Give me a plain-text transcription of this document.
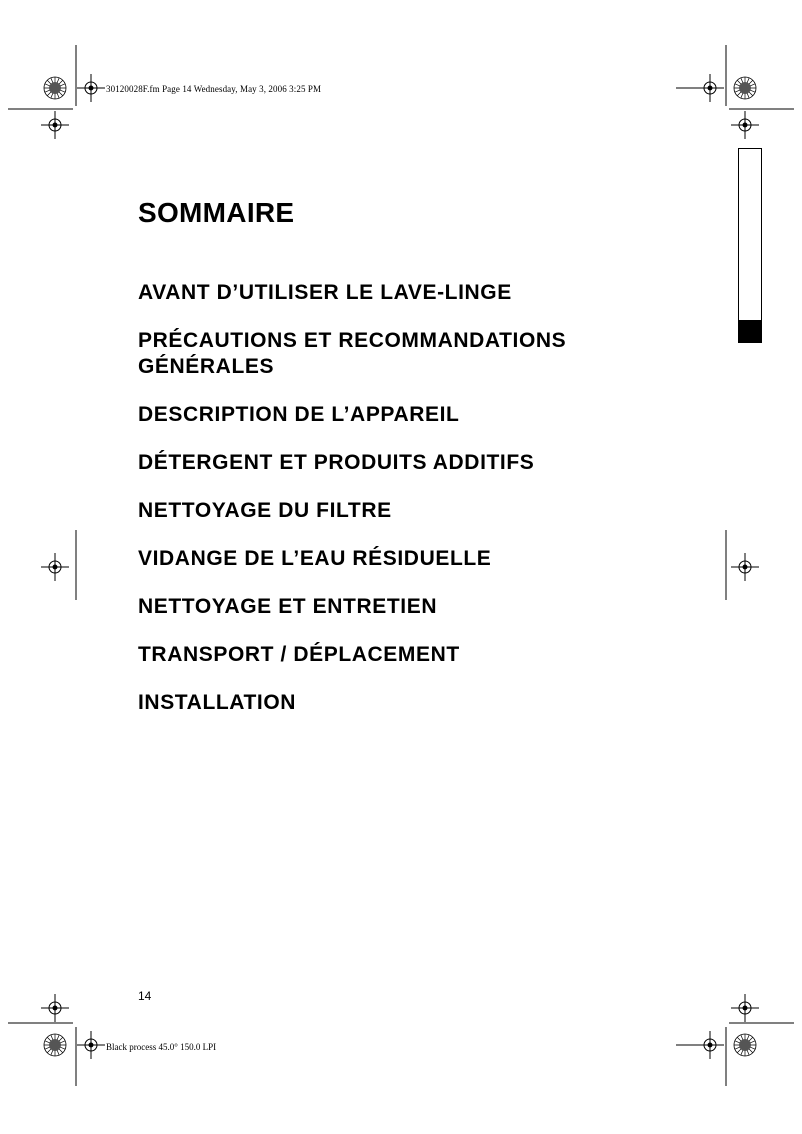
30120028F.fm Page 14 Wednesday, May 3, 2006 3:25 PM
SOMMAIRE
AVANT D’UTILISER LE LAVE-LINGE
PRÉCAUTIONS ET RECOMMANDATIONS
GÉNÉRALES
DESCRIPTION DE L’APPAREIL
DÉTERGENT ET PRODUITS ADDITIFS
NETTOYAGE DU FILTRE
VIDANGE DE L’EAU RÉSIDUELLE
NETTOYAGE ET ENTRETIEN
TRANSPORT / DÉPLACEMENT
INSTALLATION
14
Black process 45.0° 150.0 LPI
